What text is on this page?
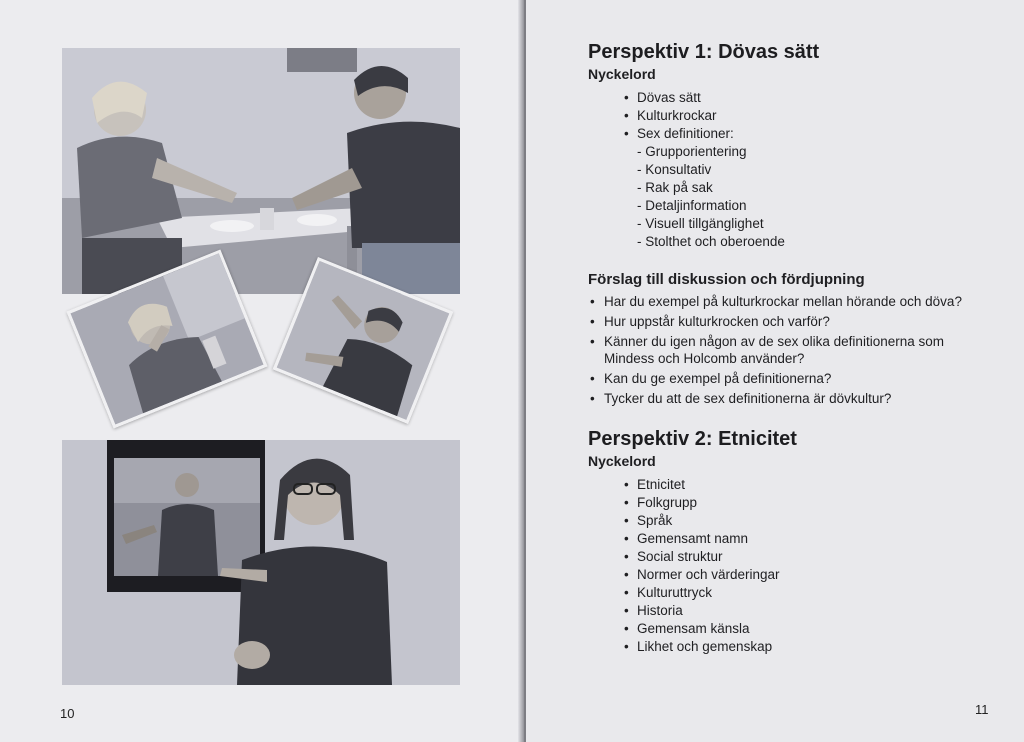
10
Perspektiv 1: Dövas sätt
Nyckelord
• Dövas sätt
• Kulturkrockar
• Sex definitioner:
- Grupporientering
- Konsultativ
- Rak på sak
- Detaljinformation
- Visuell tillgänglighet
- Stolthet och oberoende
Förslag till diskussion och fördjupning
• Har du exempel på kulturkrockar mellan hörande och döva?
• Hur uppstår kulturkrocken och varför?
• Känner du igen någon av de sex olika definitionerna som Mindess och Holcomb använder?
• Kan du ge exempel på definitionerna?
• Tycker du att de sex definitionerna är dövkultur?
Perspektiv 2: Etnicitet
Nyckelord
• Etnicitet
• Folkgrupp
• Språk
• Gemensamt namn
• Social struktur
• Normer och värderingar
• Kulturuttryck
• Historia
• Gemensam känsla
• Likhet och gemenskap
11
